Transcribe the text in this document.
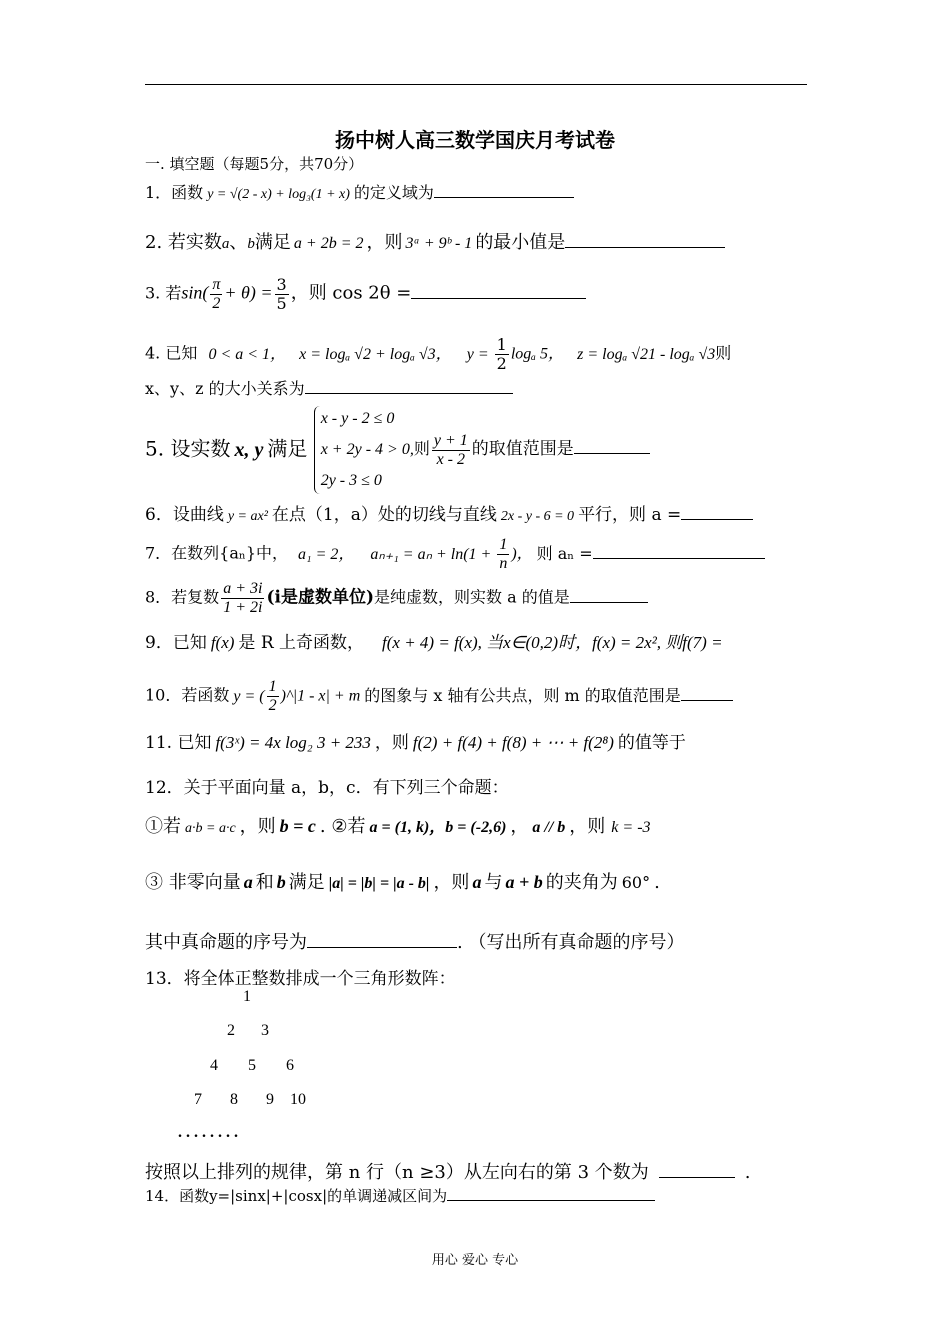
扬中树人高三数学国庆月考试卷
一. 填空题（每题5分，共70分）
1．函数 y = √(2 - x) + log₃(1 + x) 的定义域为
2. 若实数a、b满足 a + 2b = 2 ，则 3ᵃ + 9ᵇ - 1 的最小值是
3. 若$\sin( \frac{\pi}{2} + \theta) = \frac{3}{5}$ ，则 cos 2θ =
4. 已知 0 < a < 1， x = logₐ √2 + logₐ √3， $y = \frac{1}{2}$ logₐ 5， z = logₐ √21 - logₐ √3则
x、y、z 的大小关系为
5. 设实数 x, y 满足
x - y - 2 ≤ 0
x + 2y - 4 > 0,则 $\frac{y + 1}{x - 2}$ 的取值范围是
2y - 3 ≤ 0
6．设曲线 y = ax² 在点（1，a）处的切线与直线 2x - y - 6 = 0 平行，则 a =
7．在数列{aₙ}中， a₁ = 2， $a_{n+1} = a_n + \ln(1 + \frac{1}{n}$ )， 则 aₙ =
8．若复数 $\frac{a + 3i}{1 + 2i} (i$是虚数单位)是纯虚数，则实数 a 的值是
9．已知 f(x) 是 R 上奇函数， f(x + 4) = f(x), 当x∈(0,2)时，f(x) = 2x², 则f(7) =
10．若函数 y = ( $\frac{1}{2}$ )^|1 - x| + m 的图象与 x 轴有公共点，则 m 的取值范围是
11. 已知 f(3ˣ) = 4x log₂ 3 + 233 ，则 f(2) + f(4) + f(8) + ⋯ + f(2⁸) 的值等于
12．关于平面向量 a，b，c．有下列三个命题：
①若 a·b = a·c ，则 b = c . ②若 a = (1, k)，b = (-2,6) ， a // b ，则 k = -3
③ 非零向量 a 和 b 满足 |a| = |b| = |a - b| ，则 a 与 a + b 的夹角为 60° .
其中真命题的序号为	. （写出所有真命题的序号）
13．将全体正整数排成一个三角形数阵：
1
2 3
4 5 6
7 8 9 10
. . . . . . . .
按照以上排列的规律，第 n 行（n ≥3）从左向右的第 3 个数为	.
14．函数y=|sinx|+|cosx|的单调递减区间为
用心 爱心 专心
